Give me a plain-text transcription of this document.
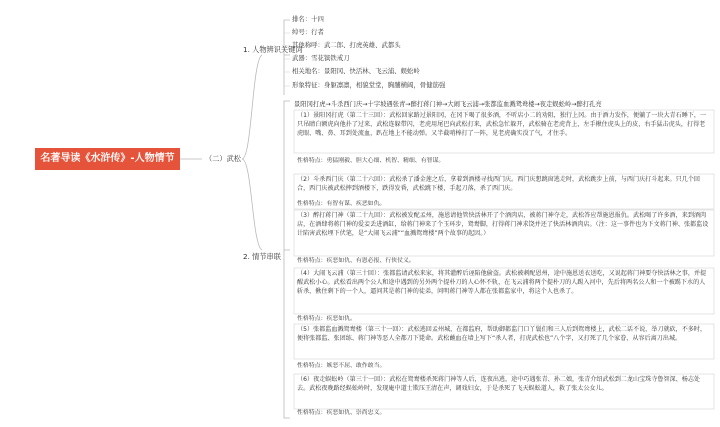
名著导读《水浒传》-人物情节	（二）武松
1. 人物辨识关键词
2. 情节串联
排名：十四
绰号：行者
其他称呼：武二郎、打虎英雄、武都头
武器：雪花镔铁戒刀
相关地名：景阳冈、快活林、飞云浦、蜈蚣岭
形象特征：身躯凛凛，相貌堂堂，胸脯横阔，骨健筋强
景阳冈打虎→斗杀西门庆→十字坡遇张青→醉打蒋门神→大闹飞云浦→张都监血溅鸳鸯楼→夜走蜈蚣岭→醉打孔亮
（1）景阳冈打虎（第二十三回）：武松回家路过景阳冈，在冈下喝了很多酒，不听店小二的劝阻，独行上冈。由于酒力发作，便躺了一块大青石睡下，一只吊睛白额虎向他扑了过来，武松连躲带闪，老虎用尾巴向武松打来，武松急忙躲开，武松骑在老虎背上，左手揪住虎头上的皮，右手猛击虎头，打得老虎眼、嘴、鼻、耳到处流血，趴在地上不能动弹。又半截哨棒打了一阵，见老虎确实没了气，才住手。
性格特点：勇猛刚毅、胆大心细、机智、精细、有智谋。
（2）斗杀西门庆（第二十六回）：武松杀了潘金莲之后，拿着到酒楼寻找西门庆。西门庆想跳窗逃走时，武松跳步上前，与西门庆打斗起来。只几个回合，西门庆被武松摔到酒楼下，跌得发昏，武松跳下楼，手起刀落，杀了西门庆。
性格特点：有智有谋、疾恶如仇。
（3）醉打蒋门神（第二十九回）：武松被发配孟州，施恩请他管快活林开了个酒肉店，被蒋门神夺走，武松答应帮施恩报仇。武松喝了许多酒，来到酒肉店，在酒肆将蒋门神的爱妾丢进酒缸，给蒋门神来了个玉环步，鸳鸯脚，打得蒋门神求饶并还了快活林酒肉店。（注：这一事件也为下文蒋门神、张都监设计陷害武松埋下伏笔，是“大闹飞云浦”“血溅鸳鸯楼”两个故事的起因。）
性格特点：疾恶如仇、有恩必报、行侠仗义。
（4）大闹飞云浦（第三十回）：张都监请武松来家，将其灌醉后诬陷他偷盗。武松被刺配恩州，途中施恩送衣送吃，又说起蒋门神要夺快活林之事，并提醒武松小心。武松看出两个公人和途中遇到的另外两个提朴刀的人心怀不轨，在飞云浦将两个提朴刀的人踢入河中，先后将两名公人和一个被踢下水的人斩杀，揪住剩下的一个人，逼问其是蒋门神的徒弟，问明蒋门神等人都在张都监家中，将这个人也杀了。
性格特点：疾恶如仇。
（5）张都监血溅鸳鸯楼（第三十一回）：武松逃回孟州城，在都监府，帮助御都监门口丫鬟们和三人后到鸳鸯楼上，武松二话不说，举刀就砍，不多时，便将张都监、张团练、蒋门神等恶人全都刀下毙命。武松蘸血在墙上写下“杀人者，打虎武松也”八个字，又打死了几个家眷，从容后离刀出城。
性格特点：嫉恶不屈、敢作敢当。
（6）夜走蜈蚣岭（第三十一回）：武松在鸳鸯楼杀死蒋门神等人后，连夜出逃，途中巧遇张青、孙二娘，张青介绍武松到二龙山宝珠寺鲁智深、杨志处去。武松夜晚路经蜈蚣岭时，发现庵中道士欺压王清在声，调戏妇女，于是杀死了飞天蜈蚣道人，救了张太公女儿。
性格特点：疾恶如仇、崇尚忠义。
